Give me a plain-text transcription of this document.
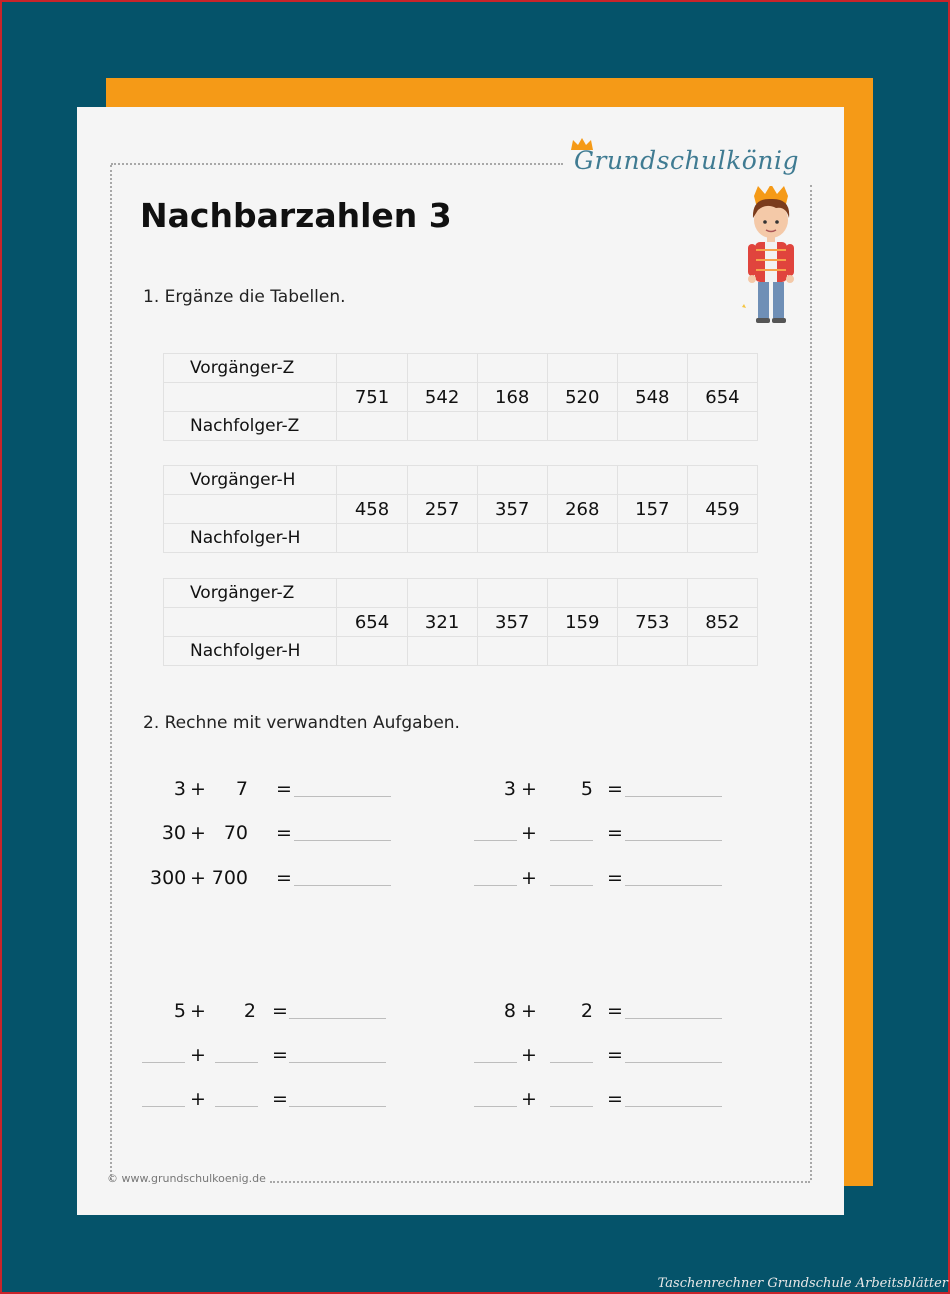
Grundschulkönig
Nachbarzahlen 3
1. Ergänze die Tabellen.
Vorgänger-Z						
	751	542	168	520	548	654
Nachfolger-Z						
Vorgänger-H						
	458	257	357	268	157	459
Nachfolger-H						
Vorgänger-Z						
	654	321	357	159	753	852
Nachfolger-H						
2. Rechne mit verwandten Aufgaben.
3 +	7 =
30 + 70 =
300 + 700 =
3 +	5 =
+	=
+	=
5 +	2 =
+	=
+	=
8 +	2 =
+	=
+	=
© www.grundschulkoenig.de
Taschenrechner Grundschule Arbeitsblätter
